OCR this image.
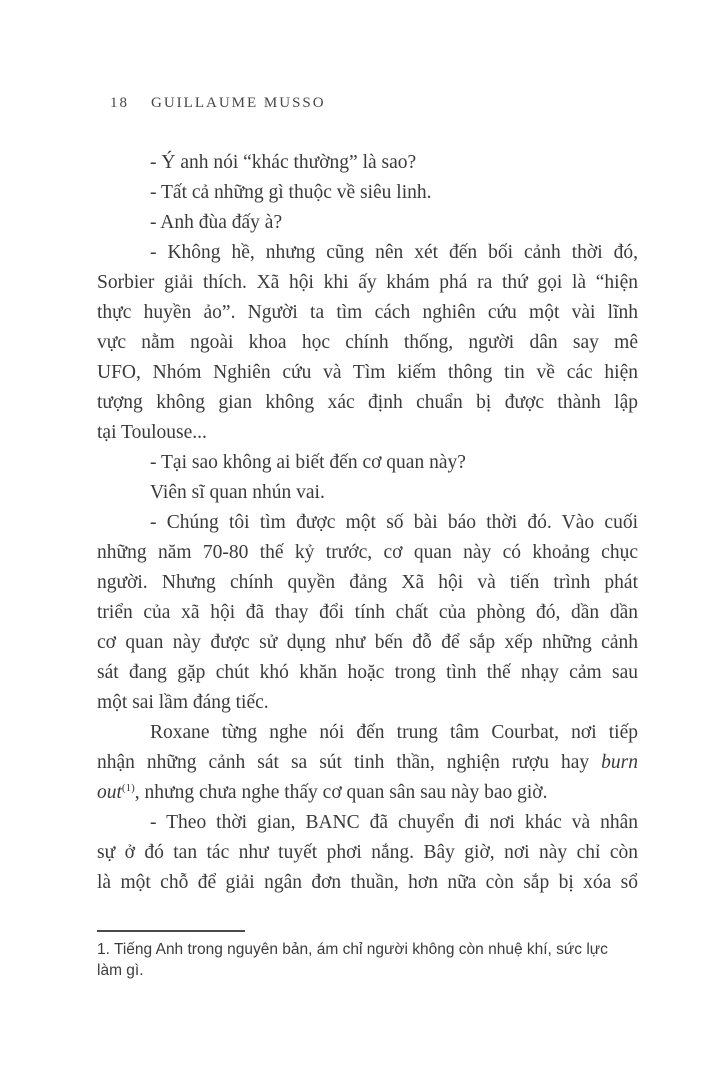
18 GUILLAUME MUSSO
- Ý anh nói “khác thường” là sao?
- Tất cả những gì thuộc về siêu linh.
- Anh đùa đấy à?
- Không hề, nhưng cũng nên xét đến bối cảnh thời đó,
Sorbier giải thích. Xã hội khi ấy khám phá ra thứ gọi là “hiện
thực huyền ảo”. Người ta tìm cách nghiên cứu một vài lĩnh
vực nằm ngoài khoa học chính thống, người dân say mê
UFO, Nhóm Nghiên cứu và Tìm kiếm thông tin về các hiện
tượng không gian không xác định chuẩn bị được thành lập
tại Toulouse...
- Tại sao không ai biết đến cơ quan này?
Viên sĩ quan nhún vai.
- Chúng tôi tìm được một số bài báo thời đó. Vào cuối
những năm 70-80 thế kỷ trước, cơ quan này có khoảng chục
người. Nhưng chính quyền đảng Xã hội và tiến trình phát
triển của xã hội đã thay đổi tính chất của phòng đó, dần dần
cơ quan này được sử dụng như bến đỗ để sắp xếp những cảnh
sát đang gặp chút khó khăn hoặc trong tình thế nhạy cảm sau
một sai lầm đáng tiếc.
Roxane từng nghe nói đến trung tâm Courbat, nơi tiếp
nhận những cảnh sát sa sút tinh thần, nghiện rượu hay burn
out$^{(1)}$, nhưng chưa nghe thấy cơ quan sân sau này bao giờ.
- Theo thời gian, BANC đã chuyển đi nơi khác và nhân
sự ở đó tan tác như tuyết phơi nắng. Bây giờ, nơi này chỉ còn
là một chỗ để giải ngân đơn thuần, hơn nữa còn sắp bị xóa sổ
1. Tiếng Anh trong nguyên bản, ám chỉ người không còn nhuệ khí, sức lực làm gì.
